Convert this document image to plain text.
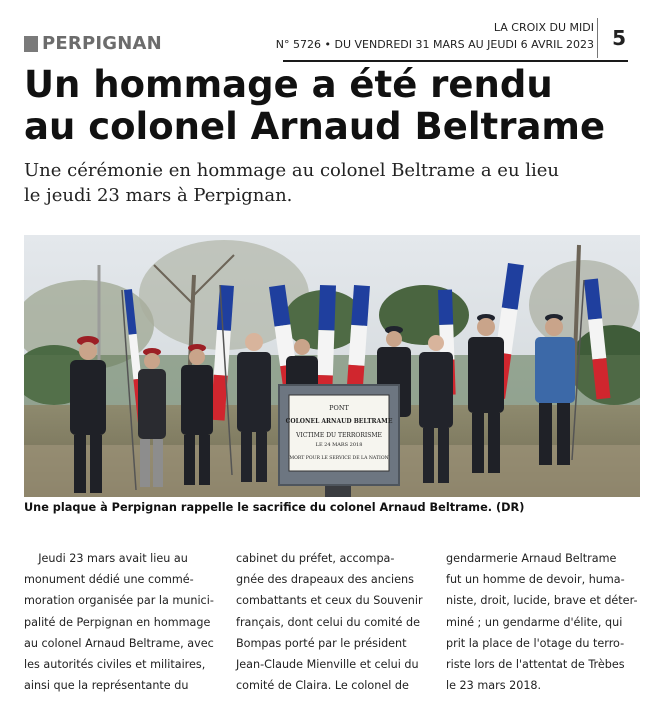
PERPIGNAN
LA CROIX DU MIDI
N° 5726 • DU VENDREDI 31 MARS AU JEUDI 6 AVRIL 2023 5
Un hommage a été rendu
au colonel Arnaud Beltrame

Une cérémonie en hommage au colonel Beltrame a eu lieu
le jeudi 23 mars à Perpignan.

PONT
COLONEL ARNAUD BELTRAME
VICTIME DU TERRORISME
LE 24 MARS 2018
MORT POUR LE SERVICE DE LA NATION
Une plaque à Perpignan rappelle le sacrifice du colonel Arnaud Beltrame. (DR)

Jeudi 23 mars avait lieu au
monument dédié une commé-
moration organisée par la munici-
palité de Perpignan en hommage
au colonel Arnaud Beltrame, avec
les autorités civiles et militaires,
ainsi que la représentante du

cabinet du préfet, accompa-
gnée des drapeaux des anciens
combattants et ceux du Souvenir
français, dont celui du comité de
Bompas porté par le président
Jean-Claude Mienville et celui du
comité de Claira. Le colonel de

gendarmerie Arnaud Beltrame
fut un homme de devoir, huma-
niste, droit, lucide, brave et déter-
miné ; un gendarme d'élite, qui
prit la place de l'otage du terro-
riste lors de l'attentat de Trèbes
le 23 mars 2018.
